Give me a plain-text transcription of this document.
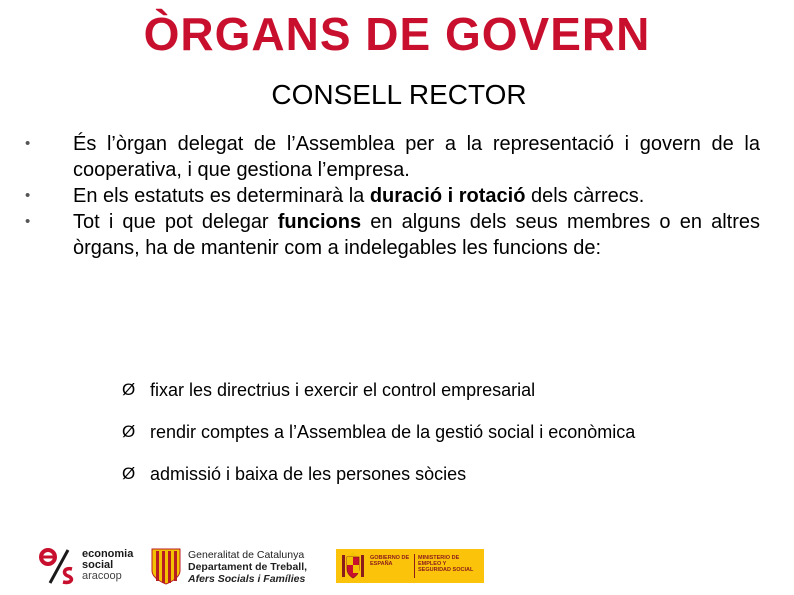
ÒRGANS DE GOVERN
CONSELL RECTOR
• És l’òrgan delegat de l’Assemblea per a la representació i govern de la cooperativa, i que gestiona l’empresa.
• En els estatuts es determinarà la duració i rotació dels càrrecs.
• Tot i que pot delegar funcions en alguns dels seus membres o en altres òrgans, ha de mantenir com a indelegables les funcions de:
Ø fixar les directrius i exercir el control empresarial
Ø rendir comptes a l’Assemblea de la gestió social i econòmica
Ø admissió i baixa de les persones sòcies
economia
social
aracoop
Generalitat de Catalunya
Departament de Treball,
Afers Socials i Famílies
GOBIERNO DE ESPAÑA
MINISTERIO DE EMPLEO Y SEGURIDAD SOCIAL
